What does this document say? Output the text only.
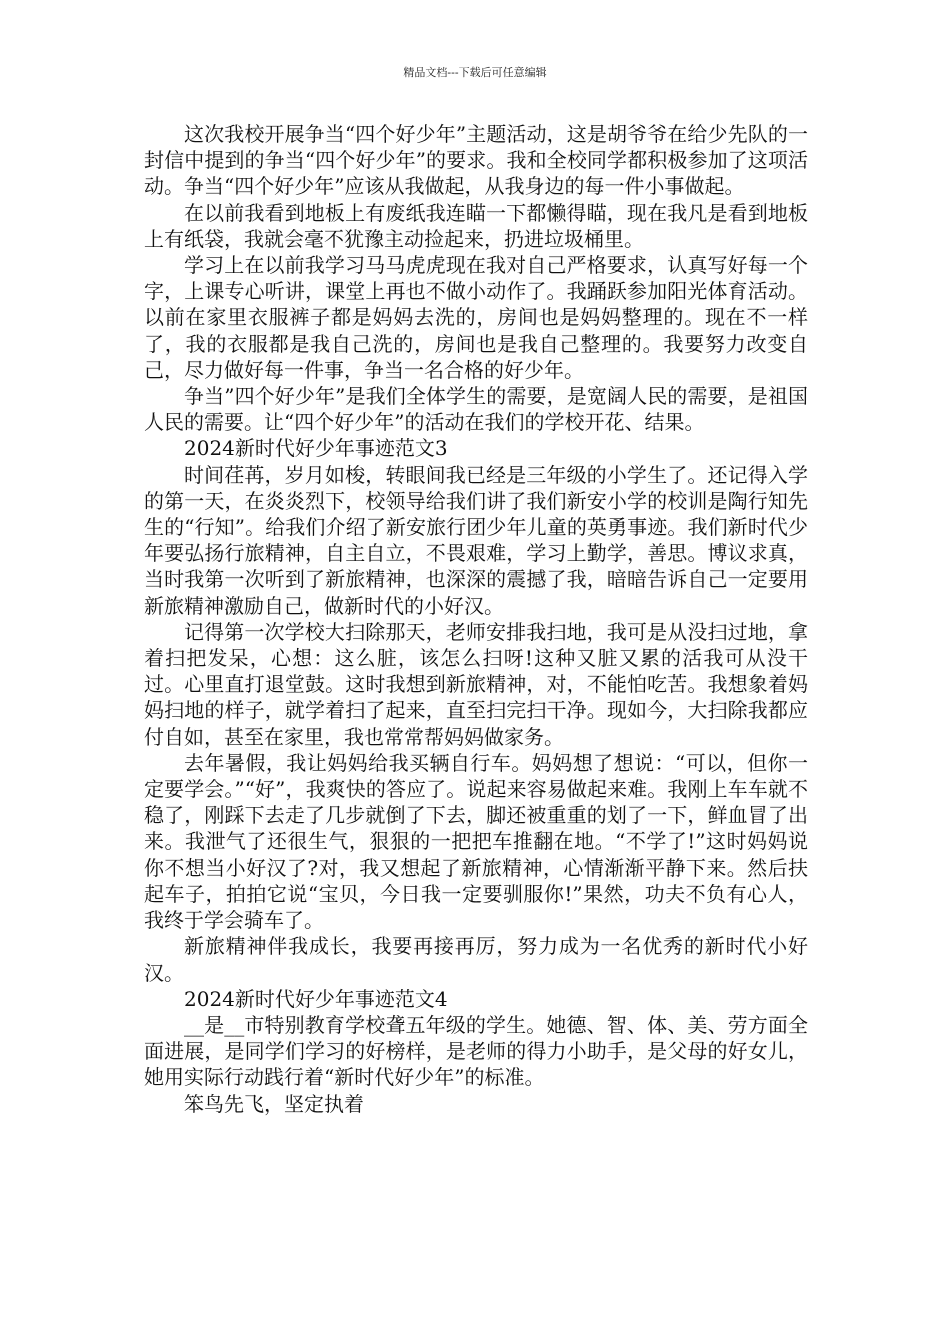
精品文档---下载后可任意编辑

这次我校开展争当“四个好少年”主题活动，这是胡爷爷在给少先队的一封信中提到的争当“四个好少年”的要求。我和全校同学都积极参加了这项活动。争当“四个好少年”应该从我做起，从我身边的每一件小事做起。

在以前我看到地板上有废纸我连瞄一下都懒得瞄，现在我凡是看到地板上有纸袋，我就会毫不犹豫主动捡起来，扔进垃圾桶里。

学习上在以前我学习马马虎虎现在我对自己严格要求，认真写好每一个字，上课专心听讲，课堂上再也不做小动作了。我踊跃参加阳光体育活动。以前在家里衣服裤子都是妈妈去洗的，房间也是妈妈整理的。现在不一样了，我的衣服都是我自己洗的，房间也是我自己整理的。我要努力改变自己，尽力做好每一件事，争当一名合格的好少年。

争当”四个好少年”是我们全体学生的需要，是宽阔人民的需要，是祖国人民的需要。让“四个好少年”的活动在我们的学校开花、结果。

2024新时代好少年事迹范文3

时间荏苒，岁月如梭，转眼间我已经是三年级的小学生了。还记得入学的第一天，在炎炎烈下，校领导给我们讲了我们新安小学的校训是陶行知先生的“行知”。给我们介绍了新安旅行团少年儿童的英勇事迹。我们新时代少年要弘扬行旅精神，自主自立，不畏艰难，学习上勤学，善思。博议求真，当时我第一次听到了新旅精神，也深深的震撼了我，暗暗告诉自己一定要用新旅精神激励自己，做新时代的小好汉。

记得第一次学校大扫除那天，老师安排我扫地，我可是从没扫过地，拿着扫把发呆，心想：这么脏，该怎么扫呀!这种又脏又累的活我可从没干过。心里直打退堂鼓。这时我想到新旅精神，对，不能怕吃苦。我想象着妈妈扫地的样子，就学着扫了起来，直至扫完扫干净。现如今，大扫除我都应付自如，甚至在家里，我也常常帮妈妈做家务。

去年暑假，我让妈妈给我买辆自行车。妈妈想了想说：“可以，但你一定要学会。”“好”，我爽快的答应了。说起来容易做起来难。我刚上车车就不稳了，刚踩下去走了几步就倒了下去，脚还被重重的划了一下，鲜血冒了出来。我泄气了还很生气，狠狠的一把把车推翻在地。“不学了!”这时妈妈说你不想当小好汉了?对，我又想起了新旅精神，心情渐渐平静下来。然后扶起车子，拍拍它说“宝贝，今日我一定要驯服你!”果然，功夫不负有心人，我终于学会骑车了。

新旅精神伴我成长，我要再接再厉，努力成为一名优秀的新时代小好汉。

2024新时代好少年事迹范文4

__是__市特别教育学校聋五年级的学生。她德、智、体、美、劳方面全面进展，是同学们学习的好榜样，是老师的得力小助手，是父母的好女儿，她用实际行动践行着“新时代好少年”的标准。

笨鸟先飞，坚定执着
